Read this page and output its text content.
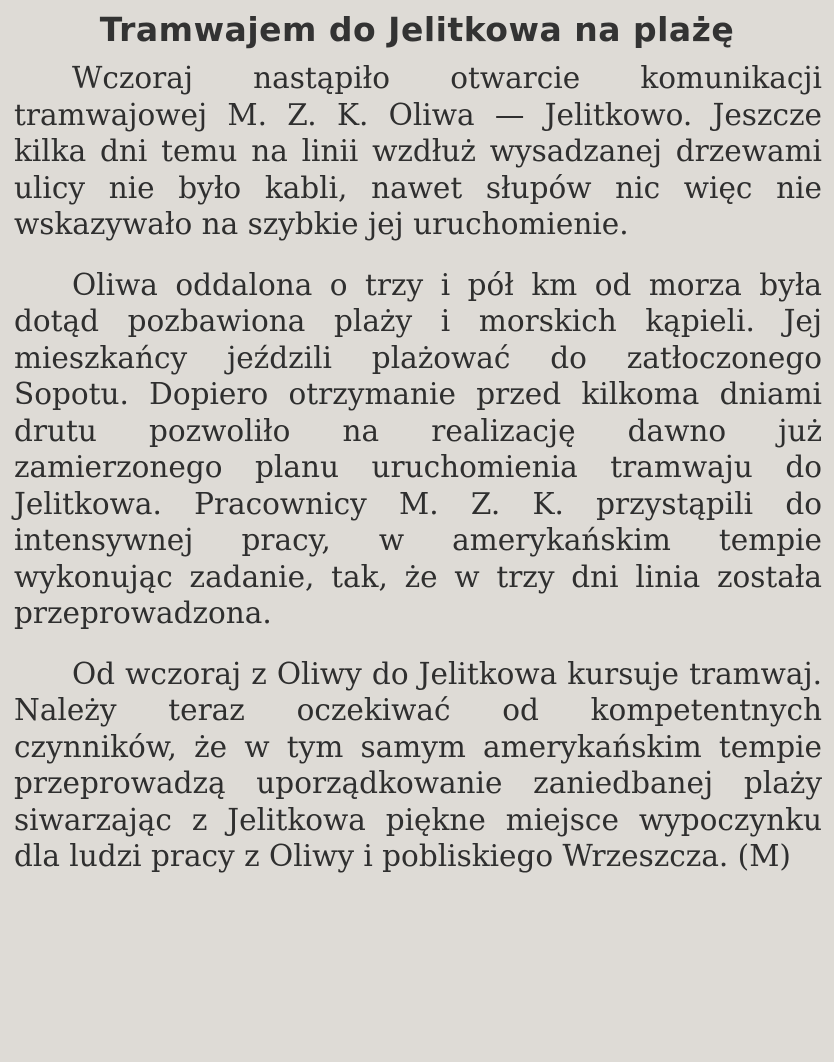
Tramwajem do Jelitkowa na plażę

Wczoraj nastąpiło otwarcie komunikacji tramwajowej M. Z. K. Oliwa — Jelitkowo. Jeszcze kilka dni temu na linii wzdłuż wysadzanej drzewami ulicy nie było kabli, nawet słupów nic więc nie wskazywało na szybkie jej uruchomienie.

Oliwa oddalona o trzy i pół km od morza była dotąd pozbawiona plaży i morskich kąpieli. Jej mieszkańcy jeździli plażować do zatłoczonego Sopotu. Dopiero otrzymanie przed kilkoma dniami drutu pozwoliło na realizację dawno już zamierzonego planu uruchomienia tramwaju do Jelitkowa. Pracownicy M. Z. K. przystąpili do intensywnej pracy, w amerykańskim tempie wykonując zadanie, tak, że w trzy dni linia została przeprowadzona.

Od wczoraj z Oliwy do Jelitkowa kursuje tramwaj. Należy teraz oczekiwać od kompetentnych czynników, że w tym samym amerykańskim tempie przeprowadzą uporządkowanie zaniedbanej plaży siwarzając z Jelitkowa piękne miejsce wypoczynku dla ludzi pracy z Oliwy i pobliskiego Wrzeszcza. (M)
